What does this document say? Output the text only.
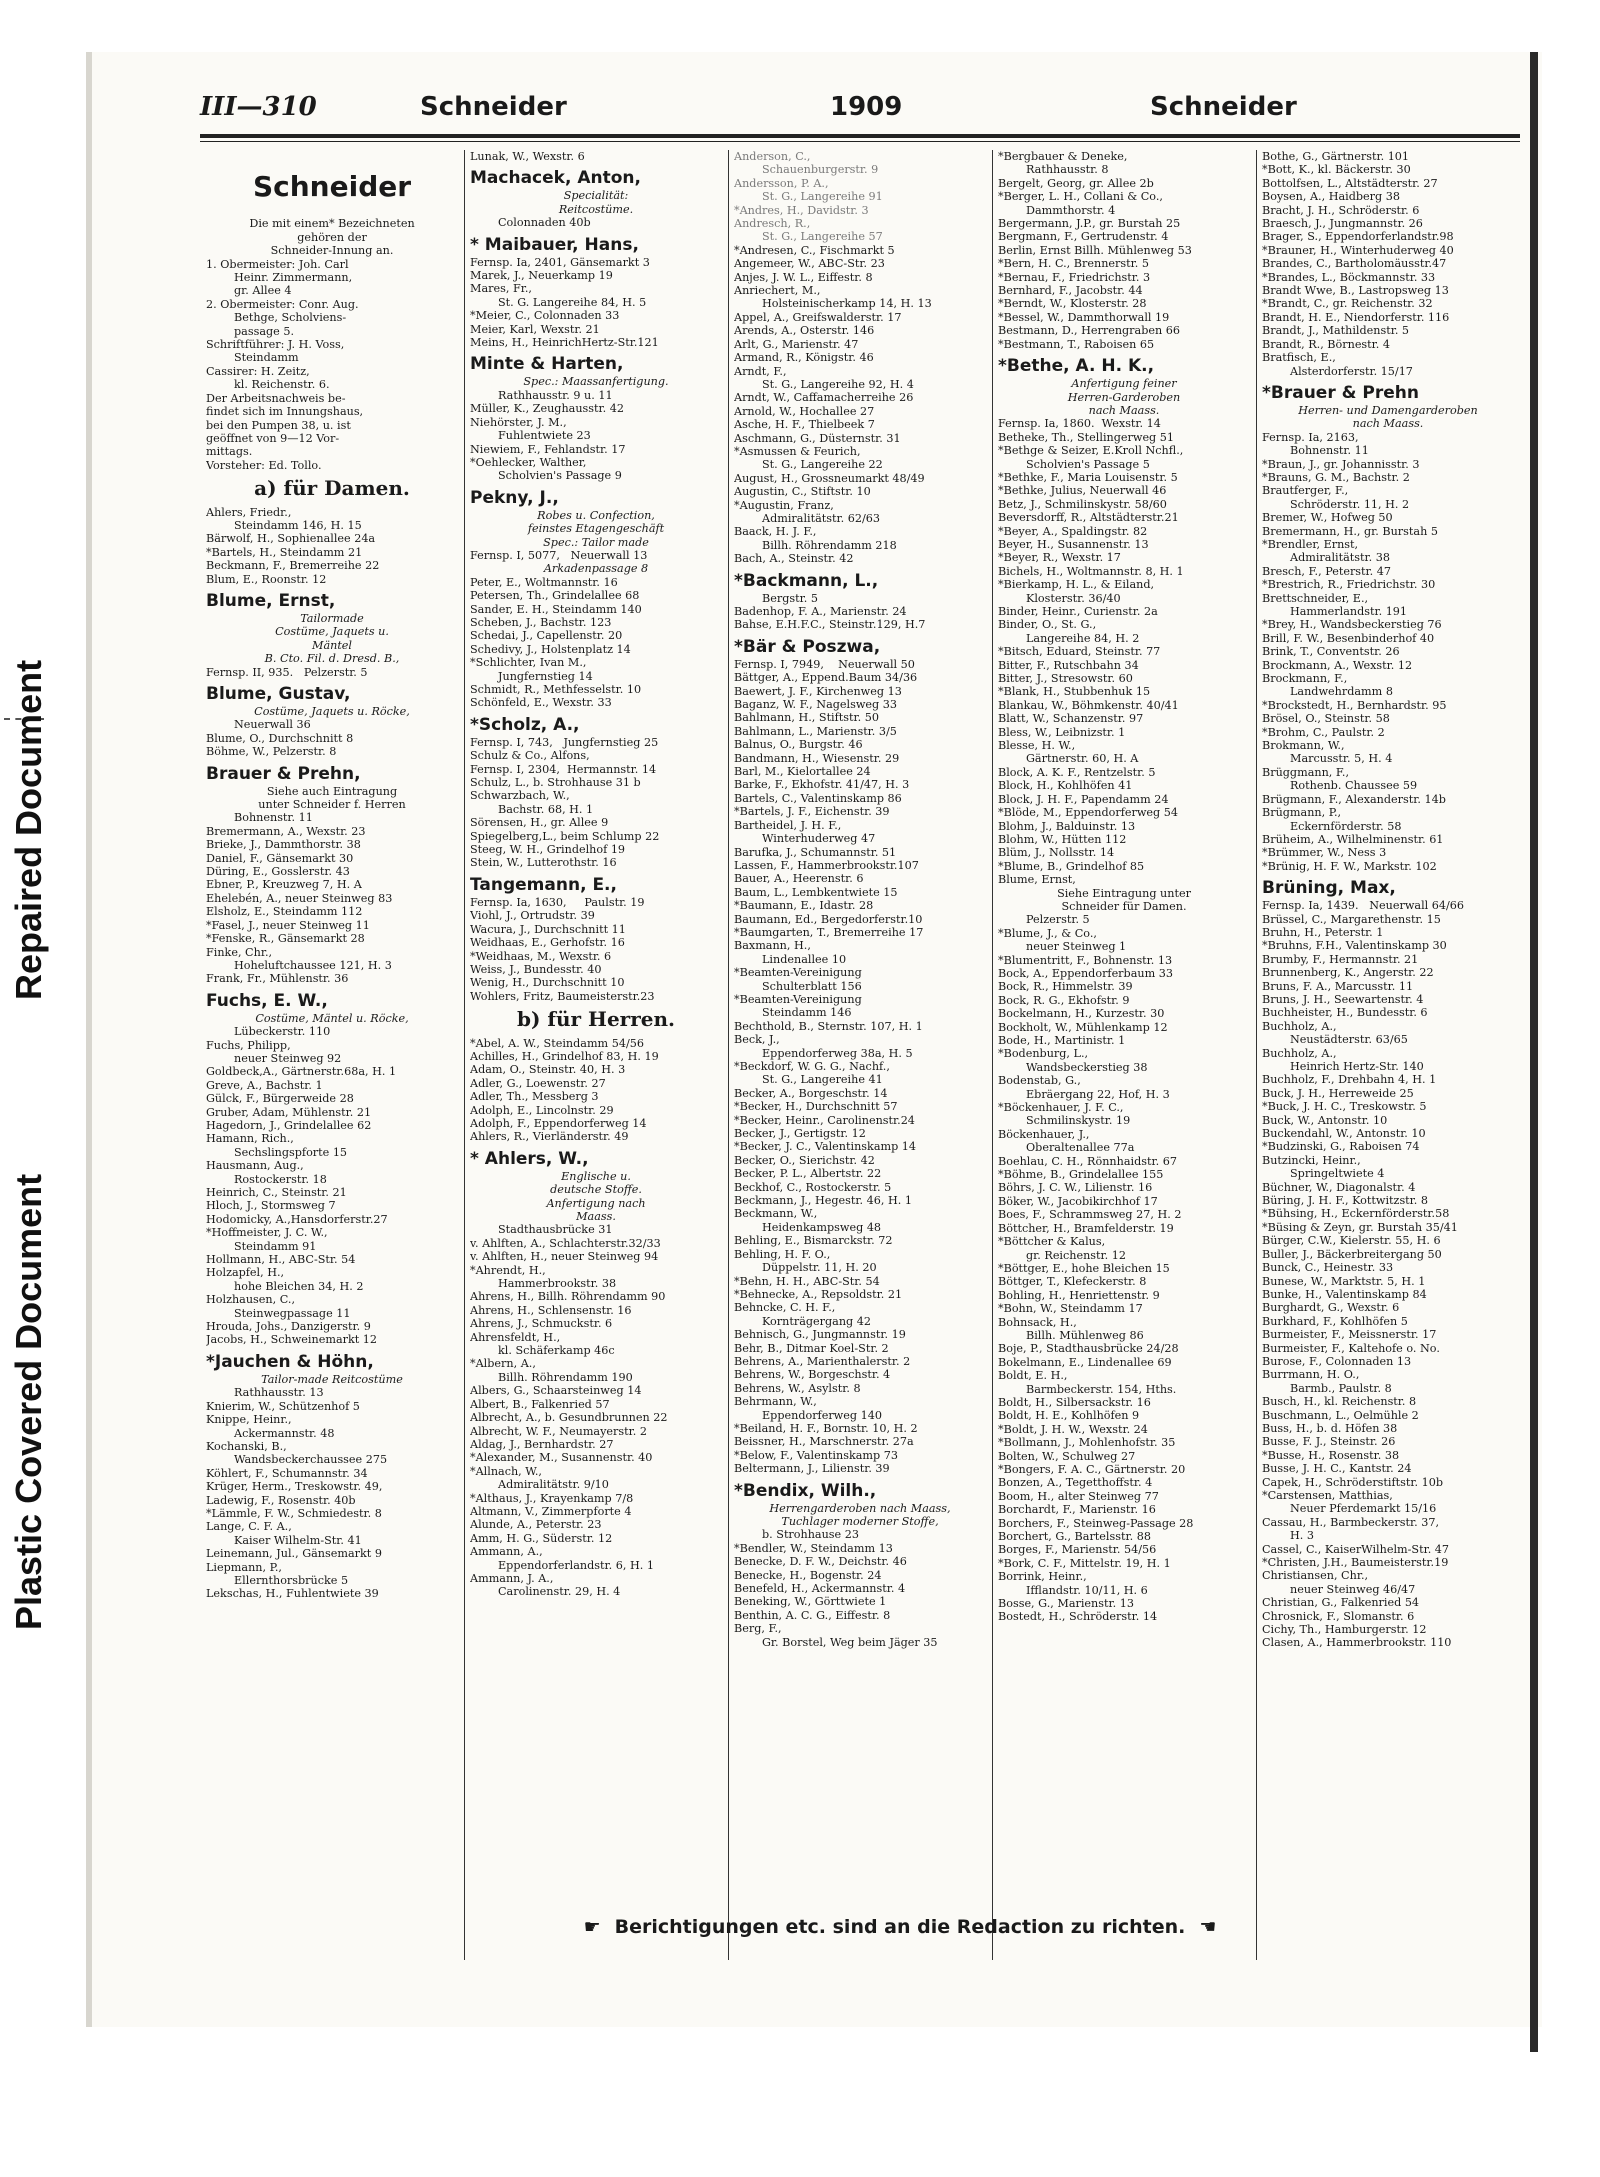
Repaired Document
Plastic Covered Document
III—310	Schneider	1909	Schneider
Schneider
Die mit einem* Bezeichneten
gehören der
Schneider-Innung an.
1. Obermeister: Joh. Carl
Heinr. Zimmermann,
gr. Allee 4
2. Obermeister: Conr. Aug.
Bethge, Scholviens-
passage 5.
Schriftführer: J. H. Voss,
Steindamm
Cassirer: H. Zeitz,
kl. Reichenstr. 6.
Der Arbeitsnachweis be-
findet sich im Innungshaus,
bei den Pumpen 38, u. ist
geöffnet von 9—12 Vor-
mittags.
Vorsteher: Ed. Tollo.
a) für Damen.
Ahlers, Friedr.,
Steindamm 146, H. 15
Bärwolf, H., Sophienallee 24a
*Bartels, H., Steindamm 21
Beckmann, F., Bremerreihe 22
Blum, E., Roonstr. 12
Blume, Ernst,
Tailormade
Costüme, Jaquets u.
Mäntel
B. Cto. Fil. d. Dresd. B.,
Fernsp. II, 935.   Pelzerstr. 5
Blume, Gustav,
Costüme, Jaquets u. Röcke,
Neuerwall 36
Blume, O., Durchschnitt 8
Böhme, W., Pelzerstr. 8
Brauer & Prehn,
Siehe auch Eintragung
unter Schneider f. Herren
Bohnenstr. 11
Bremermann, A., Wexstr. 23
Brieke, J., Dammthorstr. 38
Daniel, F., Gänsemarkt 30
Düring, E., Gosslerstr. 43
Ebner, P., Kreuzweg 7, H. A
Ehelebén, A., neuer Steinweg 83
Elsholz, E., Steindamm 112
*Fasel, J., neuer Steinweg 11
*Fenske, R., Gänsemarkt 28
Finke, Chr.,
Hoheluftchaussee 121, H. 3
Frank, Fr., Mühlenstr. 36
Fuchs, E. W.,
Costüme, Mäntel u. Röcke,
Lübeckerstr. 110
Fuchs, Philipp,
neuer Steinweg 92
Goldbeck,A., Gärtnerstr.68a, H. 1
Greve, A., Bachstr. 1
Gülck, F., Bürgerweide 28
Gruber, Adam, Mühlenstr. 21
Hagedorn, J., Grindelallee 62
Hamann, Rich.,
Sechslingspforte 15
Hausmann, Aug.,
Rostockerstr. 18
Heinrich, C., Steinstr. 21
Hloch, J., Stormsweg 7
Hodomicky, A.,Hansdorferstr.27
*Hoffmeister, J. C. W.,
Steindamm 91
Hollmann, H., ABC-Str. 54
Holzapfel, H.,
hohe Bleichen 34, H. 2
Holzhausen, C.,
Steinwegpassage 11
Hrouda, Johs., Danzigerstr. 9
Jacobs, H., Schweinemarkt 12
*Jauchen & Höhn,
Tailor-made Reitcostüme
Rathhausstr. 13
Knierim, W., Schützenhof 5
Knippe, Heinr.,
Ackermannstr. 48
Kochanski, B.,
Wandsbeckerchaussee 275
Köhlert, F., Schumannstr. 34
Krüger, Herm., Treskowstr. 49,
Ladewig, F., Rosenstr. 40b
*Lämmle, F. W., Schmiedestr. 8
Lange, C. F. A.,
Kaiser Wilhelm-Str. 41
Leinemann, Jul., Gänsemarkt 9
Liepmann, P.,
Ellernthorsbrücke 5
Lekschas, H., Fuhlentwiete 39
Lunak, W., Wexstr. 6
Machacek, Anton,
Specialität:
Reitcostüme.
Colonnaden 40b
* Maibauer, Hans,
Fernsp. Ia, 2401, Gänsemarkt 3
Marek, J., Neuerkamp 19
Mares, Fr.,
St. G. Langereihe 84, H. 5
*Meier, C., Colonnaden 33
Meier, Karl, Wexstr. 21
Meins, H., HeinrichHertz-Str.121
Minte & Harten,
Spec.: Maassanfertigung.
Rathhausstr. 9 u. 11
Müller, K., Zeughausstr. 42
Niehörster, J. M.,
Fuhlentwiete 23
Niewiem, F., Fehlandstr. 17
*Oehlecker, Walther,
Scholvien's Passage 9
Pekny, J.,
Robes u. Confection,
feinstes Etagengeschäft
Spec.: Tailor made
Fernsp. I, 5077,   Neuerwall 13
Arkadenpassage 8
Peter, E., Woltmannstr. 16
Petersen, Th., Grindelallee 68
Sander, E. H., Steindamm 140
Scheben, J., Bachstr. 123
Schedai, J., Capellenstr. 20
Schedivy, J., Holstenplatz 14
*Schlichter, Ivan M.,
Jungfernstieg 14
Schmidt, R., Methfesselstr. 10
Schönfeld, E., Wexstr. 33
*Scholz, A.,
Fernsp. I, 743,   Jungfernstieg 25
Schulz & Co., Alfons,
Fernsp. I, 2304,  Hermannstr. 14
Schulz, L., b. Strohhause 31 b
Schwarzbach, W.,
Bachstr. 68, H. 1
Sörensen, H., gr. Allee 9
Spiegelberg,L., beim Schlump 22
Steeg, W. H., Grindelhof 19
Stein, W., Lutterothstr. 16
Tangemann, E.,
Fernsp. Ia, 1630,     Paulstr. 19
Viohl, J., Ortrudstr. 39
Wacura, J., Durchschnitt 11
Weidhaas, E., Gerhofstr. 16
*Weidhaas, M., Wexstr. 6
Weiss, J., Bundesstr. 40
Wenig, H., Durchschnitt 10
Wohlers, Fritz, Baumeisterstr.23
b) für Herren.
*Abel, A. W., Steindamm 54/56
Achilles, H., Grindelhof 83, H. 19
Adam, O., Steinstr. 40, H. 3
Adler, G., Loewenstr. 27
Adler, Th., Messberg 3
Adolph, E., Lincolnstr. 29
Adolph, F., Eppendorferweg 14
Ahlers, R., Vierländerstr. 49
* Ahlers, W.,
Englische u.
deutsche Stoffe.
Anfertigung nach
Maass.
Stadthausbrücke 31
v. Ahlften, A., Schlachterstr.32/33
v. Ahlften, H., neuer Steinweg 94
*Ahrendt, H.,
Hammerbrookstr. 38
Ahrens, H., Billh. Röhrendamm 90
Ahrens, H., Schlensenstr. 16
Ahrens, J., Schmuckstr. 6
Ahrensfeldt, H.,
kl. Schäferkamp 46c
*Albern, A.,
Billh. Röhrendamm 190
Albers, G., Schaarsteinweg 14
Albert, B., Falkenried 57
Albrecht, A., b. Gesundbrunnen 22
Albrecht, W. F., Neumayerstr. 2
Aldag, J., Bernhardstr. 27
*Alexander, M., Susannenstr. 40
*Allnach, W.,
Admiralitätstr. 9/10
*Althaus, J., Krayenkamp 7/8
Altmann, V., Zimmerpforte 4
Alunde, A., Peterstr. 23
Amm, H. G., Süderstr. 12
Ammann, A.,
Eppendorferlandstr. 6, H. 1
Ammann, J. A.,
Carolinenstr. 29, H. 4
Anderson, C.,
Schauenburgerstr. 9
Andersson, P. A.,
St. G., Langereihe 91
*Andres, H., Davidstr. 3
Andresch, R.,
St. G., Langereihe 57
*Andresen, C., Fischmarkt 5
Angemeer, W., ABC-Str. 23
Anjes, J. W. L., Eiffestr. 8
Anriechert, M.,
Holsteinischerkamp 14, H. 13
Appel, A., Greifswalderstr. 17
Arends, A., Osterstr. 146
Arlt, G., Marienstr. 47
Armand, R., Königstr. 46
Arndt, F.,
St. G., Langereihe 92, H. 4
Arndt, W., Caffamacherreihe 26
Arnold, W., Hochallee 27
Asche, H. F., Thielbeek 7
Aschmann, G., Düsternstr. 31
*Asmussen & Feurich,
St. G., Langereihe 22
August, H., Grossneumarkt 48/49
Augustin, C., Stiftstr. 10
*Augustin, Franz,
Admiralitätstr. 62/63
Baack, H. J. F.,
Billh. Röhrendamm 218
Bach, A., Steinstr. 42
*Backmann, L.,
Bergstr. 5
Badenhop, F. A., Marienstr. 24
Bahse, E.H.F.C., Steinstr.129, H.7
*Bär & Poszwa,
Fernsp. I, 7949,    Neuerwall 50
Bättger, A., Eppend.Baum 34/36
Baewert, J. F., Kirchenweg 13
Baganz, W. F., Nagelsweg 33
Bahlmann, H., Stiftstr. 50
Bahlmann, L., Marienstr. 3/5
Balnus, O., Burgstr. 46
Bandmann, H., Wiesenstr. 29
Barl, M., Kielortallee 24
Barke, F., Ekhofstr. 41/47, H. 3
Bartels, C., Valentinskamp 86
*Bartels, J. F., Eichenstr. 39
Bartheidel, J. H. F.,
Winterhuderweg 47
Barufka, J., Schumannstr. 51
Lassen, F., Hammerbrookstr.107
Bauer, A., Heerenstr. 6
Baum, L., Lembkentwiete 15
*Baumann, E., Idastr. 28
Baumann, Ed., Bergedorferstr.10
*Baumgarten, T., Bremerreihe 17
Baxmann, H.,
Lindenallee 10
*Beamten-Vereinigung
Schulterblatt 156
*Beamten-Vereinigung
Steindamm 146
Bechthold, B., Sternstr. 107, H. 1
Beck, J.,
Eppendorferweg 38a, H. 5
*Beckdorf, W. G. G., Nachf.,
St. G., Langereihe 41
Becker, A., Borgeschstr. 14
*Becker, H., Durchschnitt 57
*Becker, Heinr., Carolinenstr.24
Becker, J., Gertigstr. 12
*Becker, J. C., Valentinskamp 14
Becker, O., Sierichstr. 42
Becker, P. L., Albertstr. 22
Beckhof, C., Rostockerstr. 5
Beckmann, J., Hegestr. 46, H. 1
Beckmann, W.,
Heidenkampsweg 48
Behling, E., Bismarckstr. 72
Behling, H. F. O.,
Düppelstr. 11, H. 20
*Behn, H. H., ABC-Str. 54
*Behnecke, A., Repsoldstr. 21
Behncke, C. H. F.,
Kornträgergang 42
Behnisch, G., Jungmannstr. 19
Behr, B., Ditmar Koel-Str. 2
Behrens, A., Marienthalerstr. 2
Behrens, W., Borgeschstr. 4
Behrens, W., Asylstr. 8
Behrmann, W.,
Eppendorferweg 140
*Beiland, H. F., Bornstr. 10, H. 2
Beissner, H., Marschnerstr. 27a
*Below, F., Valentinskamp 73
Beltermann, J., Lilienstr. 39
*Bendix, Wilh.,
Herrengarderoben nach Maass,
Tuchlager moderner Stoffe,
b. Strohhause 23
*Bendler, W., Steindamm 13
Benecke, D. F. W., Deichstr. 46
Benecke, H., Bogenstr. 24
Benefeld, H., Ackermannstr. 4
Beneking, W., Görttwiete 1
Benthin, A. C. G., Eiffestr. 8
Berg, F.,
Gr. Borstel, Weg beim Jäger 35
*Bergbauer & Deneke,
Rathhausstr. 8
Bergelt, Georg, gr. Allee 2b
*Berger, L. H., Collani & Co.,
Dammthorstr. 4
Bergermann, J.P., gr. Burstah 25
Bergmann, F., Gertrudenstr. 4
Berlin, Ernst Billh. Mühlenweg 53
*Bern, H. C., Brennerstr. 5
*Bernau, F., Friedrichstr. 3
Bernhard, F., Jacobstr. 44
*Berndt, W., Klosterstr. 28
*Bessel, W., Dammthorwall 19
Bestmann, D., Herrengraben 66
*Bestmann, T., Raboisen 65
*Bethe, A. H. K.,
Anfertigung feiner
Herren-Garderoben
nach Maass.
Fernsp. Ia, 1860.  Wexstr. 14
Betheke, Th., Stellingerweg 51
*Bethge & Seizer, E.Kroll Nchfl.,
Scholvien's Passage 5
*Bethke, F., Maria Louisenstr. 5
*Bethke, Julius, Neuerwall 46
Betz, J., Schmilinskystr. 58/60
Beversdorff, R., Altstädterstr.21
*Beyer, A., Spaldingstr. 82
Beyer, H., Susannenstr. 13
*Beyer, R., Wexstr. 17
Bichels, H., Woltmannstr. 8, H. 1
*Bierkamp, H. L., & Eiland,
Klosterstr. 36/40
Binder, Heinr., Curienstr. 2a
Binder, O., St. G.,
Langereihe 84, H. 2
*Bitsch, Eduard, Steinstr. 77
Bitter, F., Rutschbahn 34
Bitter, J., Stresowstr. 60
*Blank, H., Stubbenhuk 15
Blankau, W., Böhmkenstr. 40/41
Blatt, W., Schanzenstr. 97
Bless, W., Leibnizstr. 1
Blesse, H. W.,
Gärtnerstr. 60, H. A
Block, A. K. F., Rentzelstr. 5
Block, H., Kohlhöfen 41
Block, J. H. F., Papendamm 24
*Blöde, M., Eppendorferweg 54
Blohm, J., Balduinstr. 13
Blohm, W., Hütten 112
Blüm, J., Nollsstr. 14
*Blume, B., Grindelhof 85
Blume, Ernst,
Siehe Eintragung unter
Schneider für Damen.
Pelzerstr. 5
*Blume, J., & Co.,
neuer Steinweg 1
*Blumentritt, F., Bohnenstr. 13
Bock, A., Eppendorferbaum 33
Bock, R., Himmelstr. 39
Bock, R. G., Ekhofstr. 9
Bockelmann, H., Kurzestr. 30
Bockholt, W., Mühlenkamp 12
Bode, H., Martinistr. 1
*Bodenburg, L.,
Wandsbeckerstieg 38
Bodenstab, G.,
Ebräergang 22, Hof, H. 3
*Böckenhauer, J. F. C.,
Schmilinskystr. 19
Böckenhauer, J.,
Oberaltenallee 77a
Boehlau, C. H., Rönnhaidstr. 67
*Böhme, B., Grindelallee 155
Böhrs, J. C. W., Lilienstr. 16
Böker, W., Jacobikirchhof 17
Boes, F., Schrammsweg 27, H. 2
Böttcher, H., Bramfelderstr. 19
*Böttcher & Kalus,
gr. Reichenstr. 12
*Böttger, E., hohe Bleichen 15
Böttger, T., Klefeckerstr. 8
Bohling, H., Henriettenstr. 9
*Bohn, W., Steindamm 17
Bohnsack, H.,
Billh. Mühlenweg 86
Boje, P., Stadthausbrücke 24/28
Bokelmann, E., Lindenallee 69
Boldt, E. H.,
Barmbeckerstr. 154, Hths.
Boldt, H., Silbersackstr. 16
Boldt, H. E., Kohlhöfen 9
*Boldt, J. H. W., Wexstr. 24
*Bollmann, J., Mohlenhofstr. 35
Bolten, W., Schulweg 27
*Bongers, F. A. C., Gärtnerstr. 20
Bonzen, A., Tegetthoffstr. 4
Boom, H., alter Steinweg 77
Borchardt, F., Marienstr. 16
Borchers, F., Steinweg-Passage 28
Borchert, G., Bartelsstr. 88
Borges, F., Marienstr. 54/56
*Bork, C. F., Mittelstr. 19, H. 1
Borrink, Heinr.,
Ifflandstr. 10/11, H. 6
Bosse, G., Marienstr. 13
Bostedt, H., Schröderstr. 14
Bothe, G., Gärtnerstr. 101
*Bott, K., kl. Bäckerstr. 30
Bottolfsen, L., Altstädterstr. 27
Boysen, A., Haidberg 38
Bracht, J. H., Schröderstr. 6
Braesch, J., Jungmannstr. 26
Brager, S., Eppendorferlandstr.98
*Brauner, H., Winterhuderweg 40
Brandes, C., Bartholomäusstr.47
*Brandes, L., Böckmannstr. 33
Brandt Wwe, B., Lastropsweg 13
*Brandt, C., gr. Reichenstr. 32
Brandt, H. E., Niendorferstr. 116
Brandt, J., Mathildenstr. 5
Brandt, R., Börnestr. 4
Bratfisch, E.,
Alsterdorferstr. 15/17
*Brauer & Prehn
Herren- und Damengarderoben
nach Maass.
Fernsp. Ia, 2163,
Bohnenstr. 11
*Braun, J., gr. Johannisstr. 3
*Brauns, G. M., Bachstr. 2
Brautferger, F.,
Schröderstr. 11, H. 2
Bremer, W., Hofweg 50
Bremermann, H., gr. Burstah 5
*Brendler, Ernst,
Admiralitätstr. 38
Bresch, F., Peterstr. 47
*Brestrich, R., Friedrichstr. 30
Brettschneider, E.,
Hammerlandstr. 191
*Brey, H., Wandsbeckerstieg 76
Brill, F. W., Besenbinderhof 40
Brink, T., Conventstr. 26
Brockmann, A., Wexstr. 12
Brockmann, F.,
Landwehrdamm 8
*Brockstedt, H., Bernhardstr. 95
Brösel, O., Steinstr. 58
*Brohm, C., Paulstr. 2
Brokmann, W.,
Marcusstr. 5, H. 4
Brüggmann, F.,
Rothenb. Chaussee 59
Brügmann, F., Alexanderstr. 14b
Brügmann, P.,
Eckernförderstr. 58
Brüheim, A., Wilhelminenstr. 61
*Brümmer, W., Ness 3
*Brünig, H. F. W., Markstr. 102
Brüning, Max,
Fernsp. Ia, 1439.   Neuerwall 64/66
Brüssel, C., Margarethenstr. 15
Bruhn, H., Peterstr. 1
*Bruhns, F.H., Valentinskamp 30
Brumby, F., Hermannstr. 21
Brunnenberg, K., Angerstr. 22
Bruns, F. A., Marcusstr. 11
Bruns, J. H., Seewartenstr. 4
Buchheister, H., Bundesstr. 6
Buchholz, A.,
Neustädterstr. 63/65
Buchholz, A.,
Heinrich Hertz-Str. 140
Buchholz, F., Drehbahn 4, H. 1
Buck, J. H., Herreweide 25
*Buck, J. H. C., Treskowstr. 5
Buck, W., Antonstr. 10
Buckendahl, W., Antonstr. 10
*Budzinski, G., Raboisen 74
Butzincki, Heinr.,
Springeltwiete 4
Büchner, W., Diagonalstr. 4
Büring, J. H. F., Kottwitzstr. 8
*Bühsing, H., Eckernförderstr.58
*Büsing & Zeyn, gr. Burstah 35/41
Bürger, C.W., Kielerstr. 55, H. 6
Buller, J., Bäckerbreitergang 50
Bunck, C., Heinestr. 33
Bunese, W., Marktstr. 5, H. 1
Bunke, H., Valentinskamp 84
Burghardt, G., Wexstr. 6
Burkhard, F., Kohlhöfen 5
Burmeister, F., Meissnerstr. 17
Burmeister, F., Kaltehofe o. No.
Burose, F., Colonnaden 13
Burrmann, H. O.,
Barmb., Paulstr. 8
Busch, H., kl. Reichenstr. 8
Buschmann, L., Oelmühle 2
Buss, H., b. d. Höfen 38
Busse, F. J., Steinstr. 26
*Busse, H., Rosenstr. 38
Busse, J. H. C., Kantstr. 24
Capek, H., Schröderstiftstr. 10b
*Carstensen, Matthias,
Neuer Pferdemarkt 15/16
Cassau, H., Barmbeckerstr. 37,
H. 3
Cassel, C., KaiserWilhelm-Str. 47
*Christen, J.H., Baumeisterstr.19
Christiansen, Chr.,
neuer Steinweg 46/47
Christian, G., Falkenried 54
Chrosnick, F., Slomanstr. 6
Cichy, Th., Hamburgerstr. 12
Clasen, A., Hammerbrookstr. 110
☛ Berichtigungen etc. sind an die Redaction zu richten. ☚
